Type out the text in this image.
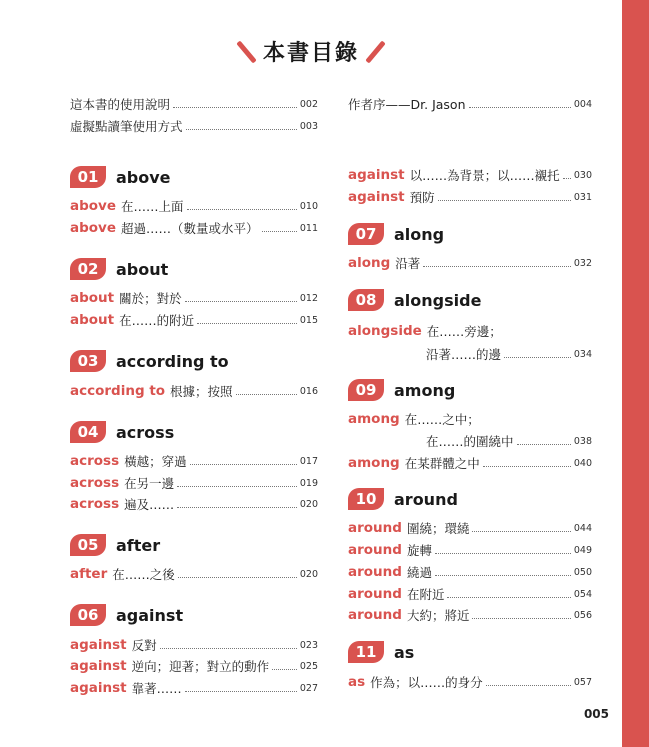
本書目錄
這本書的使用說明	002
虛擬點讀筆使用方式	003
01	above
above 在……上面	010
above 超過……（數量或水平）	011
02	about
about 關於；對於	012
about 在……的附近	015
03	according to
according to 根據；按照	016
04	across
across 橫越；穿過	017
across 在另一邊	019
across 遍及……	020
05	after
after 在……之後	020
06	against
against 反對	023
against 逆向；迎著；對立的動作	025
against 靠著……	027
作者序——Dr. Jason	004
against 以……為背景；以……襯托 030
against 預防	031
07	along
along 沿著	032
08	alongside
alongside 在……旁邊；
沿著……的邊	034
09	among
among 在……之中；
在……的圍繞中	038
among 在某群體之中	040
10	around
around 圍繞；環繞	044
around 旋轉	049
around 繞過	050
around 在附近	054
around 大約；將近	056
11	as
as 作為；以……的身分	057
005
